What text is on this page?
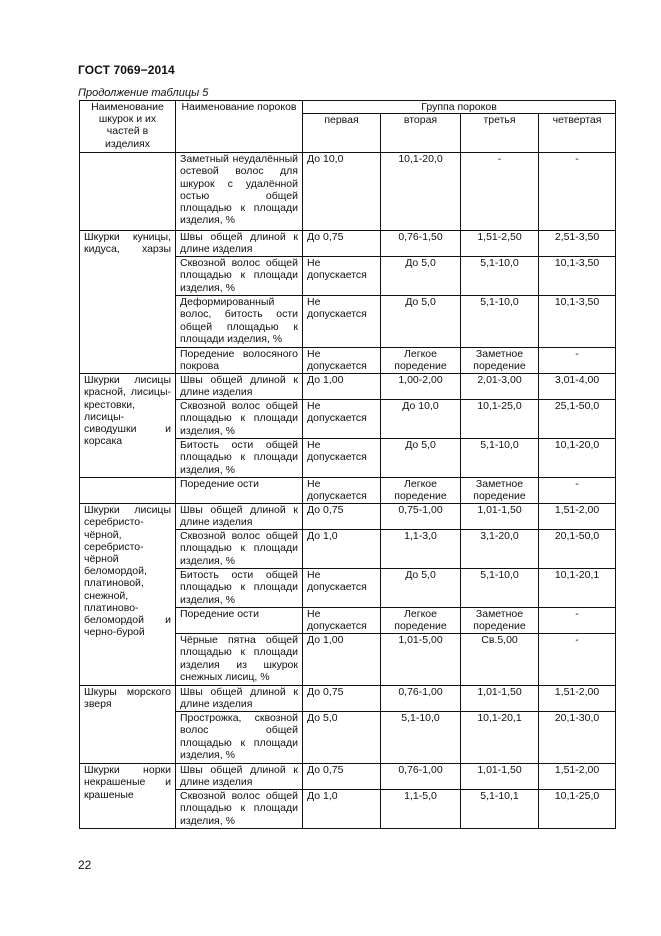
ГОСТ 7069−2014
Продолжение таблицы 5
Наименование шкурок и их частей в изделиях	Наименование пороков	Группа пороков			
		первая	вторая	третья	четвертая
	Заметный неудалённый остевой волос для шкурок с удалённой остью общей площадью к площади изделия, %	До 10,0	10,1-20,0	-	-
Шкурки куницы, кидуса, харзы	Швы общей длиной к длине изделия	До 0,75	0,76-1,50	1,51-2,50	2,51-3,50
	Сквозной волос общей площадью к площади изделия, %	Не допускается	До 5,0	5,1-10,0	10,1-3,50
	Деформированный волос, битость ости общей площадью к площади изделия, %	Не допускается	До 5,0	5,1-10,0	10,1-3,50
	Поредение волосяного покрова	Не допускается	Легкое поредение	Заметное поредение	-
Шкурки лисицы красной, лисицы-крестовки, лисицы-сиводушки и корсака	Швы общей длиной к длине изделия	До 1,00	1,00-2,00	2,01-3,00	3,01-4,00
	Сквозной волос общей площадью к площади изделия, %	Не допускается	До 10,0	10,1-25,0	25,1-50,0
	Битость ости общей площадью к площади изделия, %	Не допускается	До 5,0	5,1-10,0	10,1-20,0
	Поредение ости	Не допускается	Легкое поредение	Заметное поредение	-
Шкурки лисицы серебристо-чёрной, серебристо-чёрной беломордой, платиновой, снежной, платиново-беломордой и черно-бурой	Швы общей длиной к длине изделия	До 0,75	0,75-1,00	1,01-1,50	1,51-2,00
	Сквозной волос общей площадью к площади изделия, %	До 1,0	1,1-3,0	3,1-20,0	20,1-50,0
	Битость ости общей площадью к площади изделия, %	Не допускается	До 5,0	5,1-10,0	10,1-20,1
	Поредение ости	Не допускается	Легкое поредение	Заметное поредение	-
	Чёрные пятна общей площадью к площади изделия из шкурок снежных лисиц, %	До 1,00	1,01-5,00	Св.5,00	-
Шкуры морского зверя	Швы общей длиной к длине изделия	До 0,75	0,76-1,00	1,01-1,50	1,51-2,00
	Прострожка, сквозной волос общей площадью к площади изделия, %	До 5,0	5,1-10,0	10,1-20,1	20,1-30,0
Шкурки норки некрашеные и крашеные	Швы общей длиной к длине изделия	До 0,75	0,76-1,00	1,01-1,50	1,51-2,00
	Сквозной волос общей площадью к площади изделия, %	До 1,0	1,1-5,0	5,1-10,1	10,1-25,0
22
